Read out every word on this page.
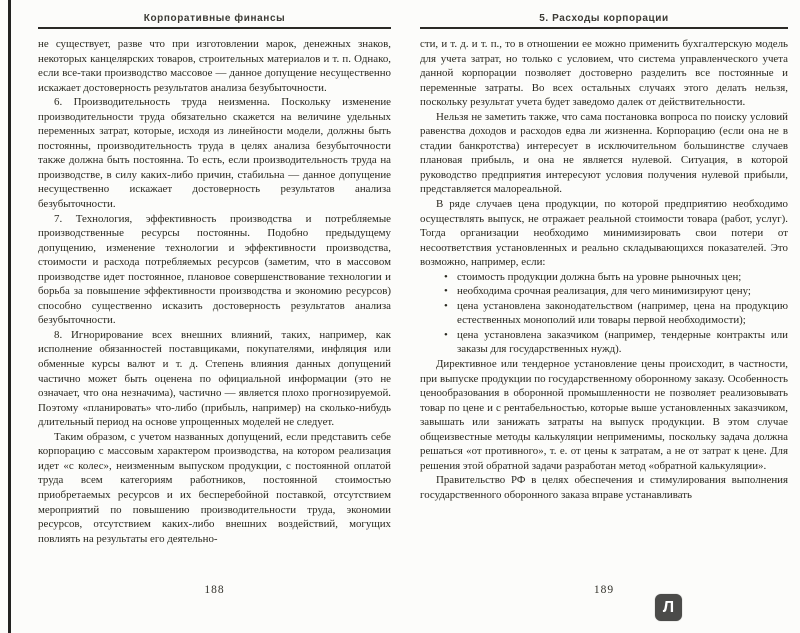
Корпоративные финансы

не существует, разве что при изготовлении марок, денежных знаков, некоторых канцелярских товаров, строительных материалов и т. п. Однако, если все-таки производство массовое — данное допущение несущественно искажает достоверность результатов анализа безубыточности.

6. Производительность труда неизменна. Поскольку изменение производительности труда обязательно скажется на величине удельных переменных затрат, которые, исходя из линейности модели, должны быть постоянны, производительность труда в целях анализа безубыточности также должна быть постоянна. То есть, если производительность труда на производстве, в силу каких-либо причин, стабильна — данное допущение несущественно искажает достоверность результатов анализа безубыточности.

7. Технология, эффективность производства и потребляемые производственные ресурсы постоянны. Подобно предыдущему допущению, изменение технологии и эффективности производства, стоимости и расхода потребляемых ресурсов (заметим, что в массовом производстве идет постоянное, плановое совершенствование технологии и борьба за повышение эффективности производства и экономию ресурсов) способно существенно исказить достоверность результатов анализа безубыточности.

8. Игнорирование всех внешних влияний, таких, например, как исполнение обязанностей поставщиками, покупателями, инфляция или обменные курсы валют и т. д. Степень влияния данных допущений частично может быть оценена по официальной информации (это не означает, что она незначима), частично — является плохо прогнозируемой. Поэтому «планировать» что-либо (прибыль, например) на сколько-нибудь длительный период на основе упрощенных моделей не следует.

Таким образом, с учетом названных допущений, если представить себе корпорацию с массовым характером производства, на котором реализация идет «с колес», неизменным выпуском продукции, с постоянной оплатой труда всем категориям работников, постоянной стоимостью приобретаемых ресурсов и их бесперебойной поставкой, отсутствием мероприятий по повышению производительности труда, экономии ресурсов, отсутствием каких-либо внешних воздействий, могущих повлиять на результаты его деятельно-

188
5. Расходы корпорации

сти, и т. д. и т. п., то в отношении ее можно применить бухгалтерскую модель для учета затрат, но только с условием, что система управленческого учета данной корпорации позволяет достоверно разделить все постоянные и переменные затраты. Во всех остальных случаях этого делать нельзя, поскольку результат учета будет заведомо далек от действительности.

Нельзя не заметить также, что сама постановка вопроса по поиску условий равенства доходов и расходов едва ли жизненна. Корпорацию (если она не в стадии банкротства) интересует в исключительном большинстве случаев плановая прибыль, и она не является нулевой. Ситуация, в которой руководство предприятия интересуют условия получения нулевой прибыли, представляется малореальной.

В ряде случаев цена продукции, по которой предприятию необходимо осуществлять выпуск, не отражает реальной стоимости товара (работ, услуг). Тогда организации необходимо минимизировать свои потери от несоответствия установленных и реально складывающихся показателей. Это возможно, например, если:

• стоимость продукции должна быть на уровне рыночных цен;
• необходима срочная реализация, для чего минимизируют цену;
• цена установлена законодательством (например, цена на продукцию естественных монополий или товары первой необходимости);
• цена установлена заказчиком (например, тендерные контракты или заказы для государственных нужд).

Директивное или тендерное установление цены происходит, в частности, при выпуске продукции по государственному оборонному заказу. Особенность ценообразования в оборонной промышленности не позволяет реализовывать товар по цене и с рентабельностью, которые выше установленных заказчиком, завышать или занижать затраты на выпуск продукции. В этом случае общеизвестные методы калькуляции неприменимы, поскольку задача должна решаться «от противного», т. е. от цены к затратам, а не от затрат к цене. Для решения этой обратной задачи разработан метод «обратной калькуляции».

Правительство РФ в целях обеспечения и стимулирования выполнения государственного оборонного заказа вправе устанавливать

189
Л
